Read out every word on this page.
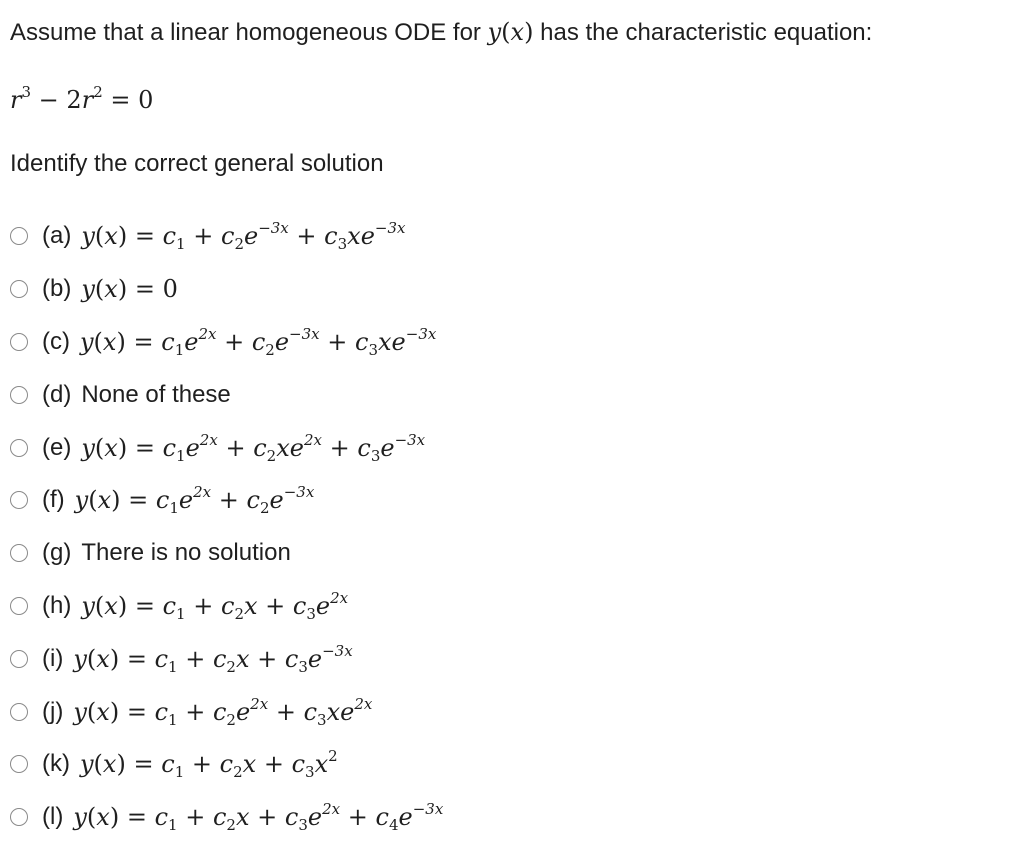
Assume that a linear homogeneous ODE for y(x) has the characteristic equation:
$r^3 - 2r^2 = 0$
Identify the correct general solution
(a) $y(x) = c_1 + c_2e^{-3x} + c_3xe^{-3x}$
(b) y(x) = 0
(c) $y(x) = c_1e^{2x} + c_2e^{-3x} + c_3xe^{-3x}$
(d) None of these
(e) $y(x) = c_1e^{2x} + c_2xe^{2x} + c_3e^{-3x}$
(f) $y(x) = c_1e^{2x} + c_2e^{-3x}$
(g) There is no solution
(h) $y(x) = c_1 + c_2x + c_3e^{2x}$
(i) $y(x) = c_1 + c_2x + c_3e^{-3x}$
(j) $y(x) = c_1 + c_2e^{2x} + c_3xe^{2x}$
(k) $y(x) = c_1 + c_2x + c_3x^2$
(l) $y(x) = c_1 + c_2x + c_3e^{2x} + c_4e^{-3x}$
